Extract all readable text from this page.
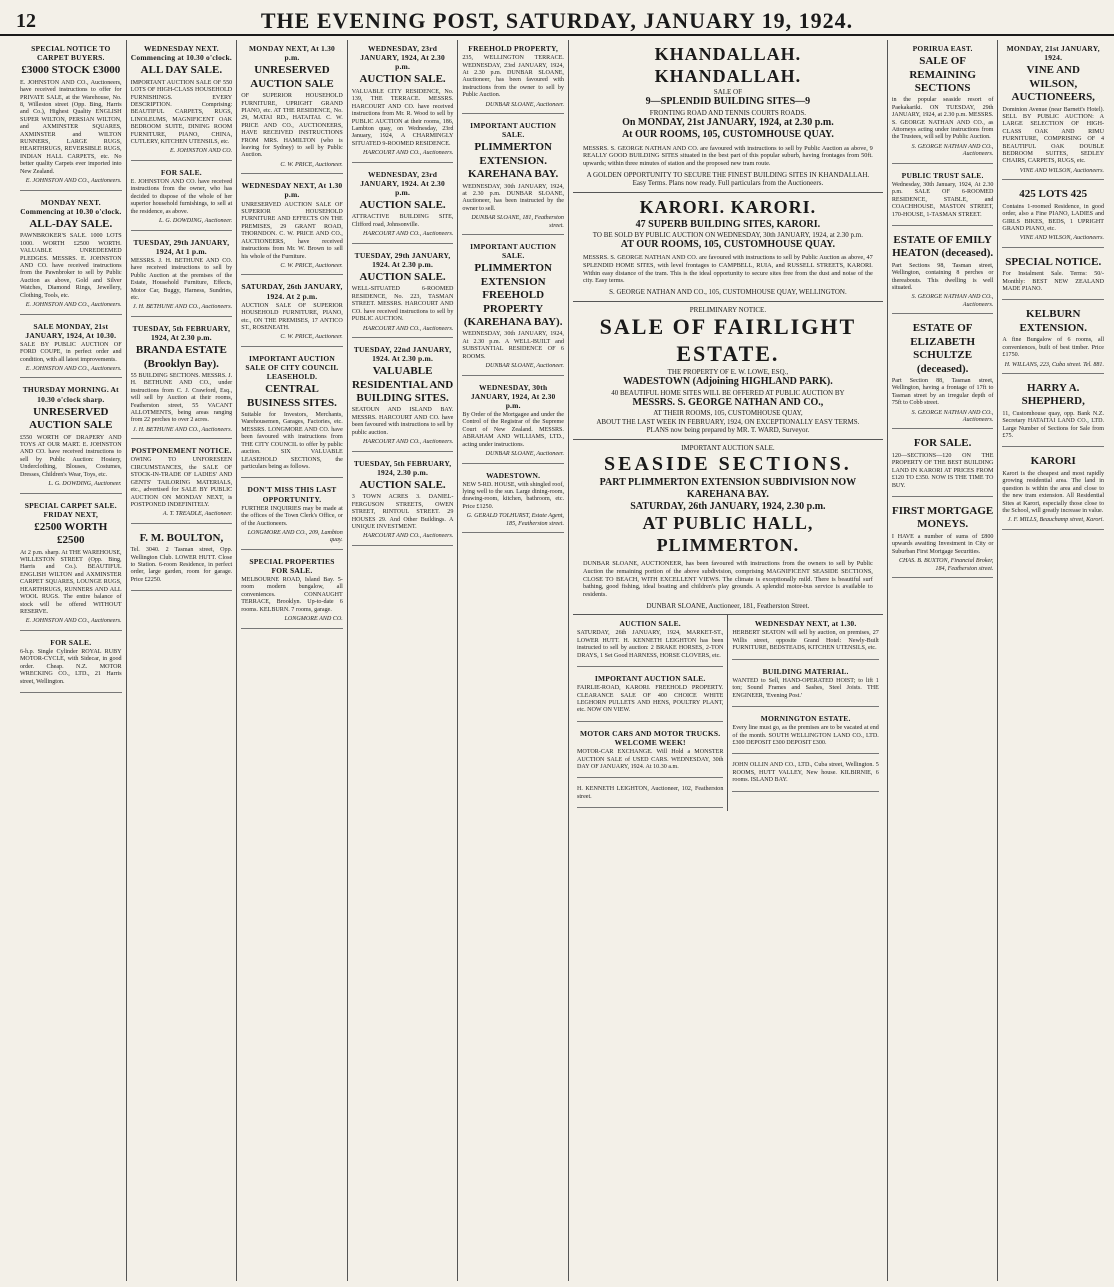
12	THE EVENING POST, SATURDAY, JANUARY 19, 1924.
SPECIAL NOTICE TO CARPET BUYERS.
£3000 STOCK £3000

E. JOHNSTON AND CO., Auctioneers, have received instructions to offer for PRIVATE SALE, at the Warehouse, No. 8, Willeston street (Opp. Bing, Harris and Co.), Highest Quality ENGLISH SUPER WILTON, PERSIAN WILTON, and AXMINSTER SQUARES, AXMINSTER and WILTON RUNNERS, LARGE RUGS, HEARTHRUGS, REVERSIBLE RUGS, INDIAN HALL CARPETS, etc. No better quality Carpets ever imported into New Zealand.

E. JOHNSTON AND CO., Auctioneers.
MONDAY NEXT. Commencing at 10.30 o'clock.
ALL-DAY SALE.

PAWNBROKER'S SALE. 1000 LOTS 1000. WORTH £2500 WORTH. VALUABLE UNREDEEMED PLEDGES. MESSRS. E. JOHNSTON AND CO. have received instructions from the Pawnbroker to sell by Public Auction as above, Gold and Silver Watches, Diamond Rings, Jewellery, Clothing, Tools, etc.

E. JOHNSTON AND CO., Auctioneers.
SALE MONDAY, 21st JANUARY, 1924, At 10.30.

SALE BY PUBLIC AUCTION OF FORD COUPE, in perfect order and condition, with all latest improvements.

E. JOHNSTON AND CO., Auctioneers.
THURSDAY MORNING. At 10.30 o'clock sharp.
UNRESERVED AUCTION SALE

£550 WORTH OF DRAPERY AND TOYS AT OUR MART. E. JOHNSTON AND CO. have received instructions to sell by Public Auction: Hosiery, Underclothing, Blouses, Costumes, Dresses, Children's Wear, Toys, etc.

L. G. DOWDING, Auctioneer.
SPECIAL CARPET SALE. FRIDAY NEXT,
£2500 WORTH £2500

At 2 p.m. sharp. At THE WAREHOUSE, WILLESTON STREET (Opp. Bing, Harris and Co.). BEAUTIFUL ENGLISH WILTON and AXMINSTER CARPET SQUARES, LOUNGE RUGS, HEARTHRUGS, RUNNERS AND ALL WOOL RUGS. The entire balance of stock will be offered WITHOUT RESERVE.

E. JOHNSTON AND CO., Auctioneers.
FOR SALE.

6-h.p. Single Cylinder ROYAL RUBY MOTOR-CYCLE, with Sidecar, in good order. Cheap. N.Z. MOTOR WRECKING CO., LTD., 21 Harris street, Wellington.

WEDNESDAY NEXT. Commencing at 10.30 o'clock.
ALL DAY SALE.

IMPORTANT AUCTION SALE OF 550 LOTS OF HIGH-CLASS HOUSEHOLD FURNISHINGS. EVERY DESCRIPTION. Comprising: BEAUTIFUL CARPETS, RUGS, LINOLEUMS, MAGNIFICENT OAK BEDROOM SUITE, DINING ROOM FURNITURE, PIANO, CHINA, CUTLERY, KITCHEN UTENSILS, etc.

E. JOHNSTON AND CO.
FOR SALE.

E. JOHNSTON AND CO. have received instructions from the owner, who has decided to dispose of the whole of her superior household furnishings, to sell at the residence, as above.

L. G. DOWDING, Auctioneer.
TUESDAY, 29th JANUARY, 1924, At 1 p.m.

MESSRS. J. H. BETHUNE AND CO. have received instructions to sell by Public Auction at the premises of the Estate, Household Furniture, Effects, Motor Car, Buggy, Harness, Sundries, etc.

J. H. BETHUNE AND CO., Auctioneers.
TUESDAY, 5th FEBRUARY, 1924, At 2.30 p.m.
BRANDA ESTATE (Brooklyn Bay).

55 BUILDING SECTIONS. MESSRS. J. H. BETHUNE AND CO., under instructions from C. J. Crawford, Esq., will sell by Auction at their rooms, Featherston street, 55 VACANT ALLOTMENTS, being areas ranging from 22 perches to over 2 acres.

J. H. BETHUNE AND CO., Auctioneers.
POSTPONEMENT NOTICE.

OWING TO UNFORESEEN CIRCUMSTANCES, the SALE OF STOCK-IN-TRADE OF LADIES' AND GENTS' TAILORING MATERIALS, etc., advertised for SALE BY PUBLIC AUCTION ON MONDAY NEXT, is POSTPONED INDEFINITELY.

A. T. TREADLE, Auctioneer.
F. M. BOULTON,

Tel. 3040. 2 Tasman street, Opp. Wellington Club. LOWER HUTT. Close to Station. 6-room Residence, in perfect order, large garden, room for garage. Price £2250.

MONDAY NEXT, At 1.30 p.m.
UNRESERVED AUCTION SALE

OF SUPERIOR HOUSEHOLD FURNITURE, UPRIGHT GRAND PIANO, etc. AT THE RESIDENCE, No. 29, MATAI RD., HATAITAI. C. W. PRICE AND CO., AUCTIONEERS, HAVE RECEIVED INSTRUCTIONS FROM MRS. HAMILTON (who is leaving for Sydney) to sell by Public Auction.

C. W. PRICE, Auctioneer.
WEDNESDAY NEXT, At 1.30 p.m.

UNRESERVED AUCTION SALE OF SUPERIOR HOUSEHOLD FURNITURE AND EFFECTS ON THE PREMISES, 29 GRANT ROAD, THORNDON. C. W. PRICE AND CO., AUCTIONEERS, have received instructions from Mr. W. Brown to sell his whole of the Furniture.

C. W. PRICE, Auctioneer.
SATURDAY, 26th JANUARY, 1924. At 2 p.m.

AUCTION SALE OF SUPERIOR HOUSEHOLD FURNITURE, PIANO, etc., ON THE PREMISES, 17 ANTICO ST., ROSENEATH.

C. W. PRICE, Auctioneer.
IMPORTANT AUCTION SALE OF CITY COUNCIL LEASEHOLD.
CENTRAL BUSINESS SITES.

Suitable for Investors, Merchants, Warehousemen, Garages, Factories, etc. MESSRS. LONGMORE AND CO. have been favoured with instructions from THE CITY COUNCIL to offer by public auction. SIX VALUABLE LEASEHOLD SECTIONS, the particulars being as follows.

DON'T MISS THIS LAST OPPORTUNITY.

FURTHER INQUIRIES may be made at the offices of the Town Clerk's Office, or of the Auctioneers.

LONGMORE AND CO., 209, Lambton quay.
SPECIAL PROPERTIES FOR SALE.

MELBOURNE ROAD, Island Bay. 5-room modern bungalow, all conveniences. CONNAUGHT TERRACE, Brooklyn. Up-to-date 6 rooms. KELBURN. 7 rooms, garage.

LONGMORE AND CO.
WEDNESDAY, 23rd JANUARY, 1924, At 2.30 p.m.
AUCTION SALE.

VALUABLE CITY RESIDENCE, No. 139, THE TERRACE. MESSRS. HARCOURT AND CO. have received instructions from Mr. R. Wood to sell by PUBLIC AUCTION at their rooms, 186, Lambton quay, on Wednesday, 23rd January, 1924, A CHARMINGLY SITUATED 9-ROOMED RESIDENCE.

HARCOURT AND CO., Auctioneers.
WEDNESDAY, 23rd JANUARY, 1924. At 2.30 p.m.
AUCTION SALE.

ATTRACTIVE BUILDING SITE, Clifford road, Johnsonville.

HARCOURT AND CO., Auctioneers.
TUESDAY, 29th JANUARY, 1924. At 2.30 p.m.
AUCTION SALE.

WELL-SITUATED 6-ROOMED RESIDENCE, No. 223, TASMAN STREET. MESSRS. HARCOURT AND CO. have received instructions to sell by PUBLIC AUCTION.

HARCOURT AND CO., Auctioneers.
TUESDAY, 22nd JANUARY, 1924. At 2.30 p.m.
VALUABLE RESIDENTIAL AND BUILDING SITES.

SEATOUN AND ISLAND BAY. MESSRS. HARCOURT AND CO. have been favoured with instructions to sell by public auction.

HARCOURT AND CO., Auctioneers.
TUESDAY, 5th FEBRUARY, 1924, 2.30 p.m.
AUCTION SALE.

3 TOWN ACRES 3. DANIEL-FERGUSON STREETS, OWEN STREET, RINTOUL STREET. 29 HOUSES 29. And Other Buildings. A UNIQUE INVESTMENT.

HARCOURT AND CO., Auctioneers.
FREEHOLD PROPERTY,

235, WELLINGTON TERRACE. WEDNESDAY, 23rd JANUARY, 1924, At 2.30 p.m. DUNBAR SLOANE, Auctioneer, has been favoured with instructions from the owner to sell by Public Auction.

DUNBAR SLOANE, Auctioneer.
IMPORTANT AUCTION SALE.
PLIMMERTON EXTENSION. KAREHANA BAY.

WEDNESDAY, 30th JANUARY, 1924, at 2.30 p.m. DUNBAR SLOANE, Auctioneer, has been instructed by the owner to sell.

DUNBAR SLOANE, 181, Featherston street.
IMPORTANT AUCTION SALE.
PLIMMERTON EXTENSION FREEHOLD PROPERTY (KAREHANA BAY).

WEDNESDAY, 30th JANUARY, 1924, At 2.30 p.m. A WELL-BUILT and SUBSTANTIAL RESIDENCE OF 6 ROOMS.

DUNBAR SLOANE, Auctioneer.
WEDNESDAY, 30th JANUARY, 1924, At 2.30 p.m.

By Order of the Mortgagee and under the Control of the Registrar of the Supreme Court of New Zealand. MESSRS. ABRAHAM AND WILLIAMS, LTD., acting under instructions.

DUNBAR SLOANE, Auctioneer.
WADESTOWN.

NEW 5-RD. HOUSE, with shingled roof, lying well to the sun. Large dining-room, drawing-room, kitchen, bathroom, etc. Price £1250.

G. GERALD TOLHURST, Estate Agent, 185, Featherston street.
KHANDALLAH. KHANDALLAH.
SALE OF
9—SPLENDID BUILDING SITES—9
FRONTING ROAD AND TENNIS COURTS ROADS.
On MONDAY, 21st JANUARY, 1924, at 2.30 p.m.
At OUR ROOMS, 105, CUSTOMHOUSE QUAY.
MESSRS. S. GEORGE NATHAN AND CO. are favoured with instructions to sell by Public Auction as above, 9 REALLY GOOD BUILDING SITES situated in the best part of this popular suburb, having frontages from 50ft. upwards; within three minutes of station and the proposed new tram route.
A GOLDEN OPPORTUNITY TO SECURE THE FINEST BUILDING SITES IN KHANDALLAH.
Easy Terms. Plans now ready. Full particulars from the Auctioneers.
KARORI. KARORI.
47 SUPERB BUILDING SITES, KARORI.
TO BE SOLD BY PUBLIC AUCTION ON WEDNESDAY, 30th JANUARY, 1924, at 2.30 p.m.
AT OUR ROOMS, 105, CUSTOMHOUSE QUAY.
MESSRS. S. GEORGE NATHAN AND CO. are favoured with instructions to sell by Public Auction as above, 47 SPLENDID HOME SITES, with level frontages to CAMPBELL, RUIA, and RUSSELL STREETS, KARORI. Within easy distance of the tram. This is the ideal opportunity to secure sites free from the dust and noise of the city. Easy terms.
S. GEORGE NATHAN AND CO., 105, CUSTOMHOUSE QUAY, WELLINGTON.
PRELIMINARY NOTICE.
SALE OF FAIRLIGHT ESTATE.
THE PROPERTY OF E. W. LOWE, ESQ.,
WADESTOWN (Adjoining HIGHLAND PARK).
40 BEAUTIFUL HOME SITES WILL BE OFFERED AT PUBLIC AUCTION BY
MESSRS. S. GEORGE NATHAN AND CO.,
AT THEIR ROOMS, 105, CUSTOMHOUSE QUAY,
ABOUT THE LAST WEEK IN FEBRUARY, 1924, ON EXCEPTIONALLY EASY TERMS.
PLANS now being prepared by MR. T. WARD, Surveyor.
IMPORTANT AUCTION SALE.
SEASIDE SECTIONS.
PART PLIMMERTON EXTENSION SUBDIVISION NOW KAREHANA BAY.
SATURDAY, 26th JANUARY, 1924, 2.30 p.m.
AT PUBLIC HALL, PLIMMERTON.
DUNBAR SLOANE, AUCTIONEER, has been favoured with instructions from the owners to sell by Public Auction the remaining portion of the above subdivision, comprising MAGNIFICENT SEASIDE SECTIONS, CLOSE TO BEACH, WITH EXCELLENT VIEWS. The climate is exceptionally mild. There is beautiful surf bathing, good fishing, ideal boating and children's play grounds. A splendid motor-bus service is available to residents.
DUNBAR SLOANE, Auctioneer, 181, Featherston Street.
AUCTION SALE.

SATURDAY, 26th JANUARY, 1924, MARKET-ST., LOWER HUTT. H. KENNETH LEIGHTON has been instructed to sell by auction: 2 BRAKE HORSES, 2-TON DRAYS, 1 Set Good HARNESS, HORSE CLOVERS, etc.

IMPORTANT AUCTION SALE.

FAIRLIE-ROAD, KARORI. FREEHOLD PROPERTY. CLEARANCE SALE OF 400 CHOICE WHITE LEGHORN PULLETS AND HENS, POULTRY PLANT, etc. NOW ON VIEW.

MOTOR CARS AND MOTOR TRUCKS. WELCOME WEEK!

MOTOR-CAR EXCHANGE. Will Hold a MONSTER AUCTION SALE of USED CARS. WEDNESDAY, 30th DAY OF JANUARY, 1924. At 10.30 a.m.

H. KENNETH LEIGHTON, Auctioneer, 102, Featherston street.

WEDNESDAY NEXT, at 1.30.

HERBERT SEATON will sell by auction, on premises, 27 Willis street, opposite Grand Hotel: Newly-Built FURNITURE, BEDSTEADS, KITCHEN UTENSILS, etc.

BUILDING MATERIAL.

WANTED to Sell, HAND-OPERATED HOIST; to lift 1 ton; Sound Frames and Sashes, Steel Joists. THE ENGINEER, 'Evening Post.'

MORNINGTON ESTATE.

Every line must go, as the premises are to be vacated at end of the month. SOUTH WELLINGTON LAND CO., LTD. £300 DEPOSIT £300 DEPOSIT £300.

JOHN OLLIN AND CO., LTD., Cuba street, Wellington. 5 ROOMS, HUTT VALLEY, New house. KILBIRNIE, 6 rooms. ISLAND BAY.

PORIRUA EAST.
SALE OF REMAINING SECTIONS

in the popular seaside resort of Paekakariki. ON TUESDAY, 29th JANUARY, 1924, at 2.30 p.m. MESSRS. S. GEORGE NATHAN AND CO., as Attorneys acting under instructions from the Trustees, will sell by Public Auction.

S. GEORGE NATHAN AND CO., Auctioneers.
PUBLIC TRUST SALE.

Wednesday, 30th January, 1924, At 2.30 p.m. SALE OF 6-ROOMED RESIDENCE, STABLE, and COACHHOUSE, MASTON STREET, 170-HOUSE, 1-TASMAN STREET.

ESTATE OF EMILY HEATON (deceased).

Part Sections 98, Tasman street, Wellington, containing 8 perches or thereabouts. This dwelling is well situated.

S. GEORGE NATHAN AND CO., Auctioneers.
ESTATE OF ELIZABETH SCHULTZE (deceased).

Part Section 88, Tasman street, Wellington, having a frontage of 17ft to Tasman street by an irregular depth of 75ft to Cobb street.

S. GEORGE NATHAN AND CO., Auctioneers.
FOR SALE.

120—SECTIONS—120 ON THE PROPERTY OF THE BEST BUILDING LAND IN KARORI AT PRICES FROM £120 TO £350. NOW IS THE TIME TO BUY.

FIRST MORTGAGE MONEYS.

I HAVE a number of sums of £800 upwards awaiting Investment in City or Suburban First Mortgage Securities.

CHAS. B. BUXTON, Financial Broker, 184, Featherston street.
MONDAY, 21st JANUARY, 1924.
VINE AND WILSON, AUCTIONEERS,

Dominion Avenue (near Barnett's Hotel). SELL BY PUBLIC AUCTION: A LARGE SELECTION OF HIGH-CLASS OAK AND RIMU FURNITURE, COMPRISING OF 4 BEAUTIFUL OAK DOUBLE BEDROOM SUITES, SEDLEY CHAIRS, CARPETS, RUGS, etc.

VINE AND WILSON, Auctioneers.
425 LOTS 425

Contains 1-roomed Residence, in good order, also a Fine PIANO, LADIES and GIRLS BIKES, BEDS, 1 UPRIGHT GRAND PIANO, etc.

VINE AND WILSON, Auctioneers.
SPECIAL NOTICE.

For Instalment Sale. Terms: 50/- Monthly: BEST NEW ZEALAND MADE PIANO.

KELBURN EXTENSION.

A fine Bungalow of 6 rooms, all conveniences, built of best timber. Price £1750.

H. WILLANS, 223, Cuba street. Tel. 881.
HARRY A. SHEPHERD,

11, Customhouse quay, opp. Bank N.Z. Secretary HATAITAI LAND CO., LTD. Large Number of Sections for Sale from £75.

KARORI

Karori is the cheapest and most rapidly growing residential area. The land in question is within the area and close to the new tram extension. All Residential Sites at Karori, especially those close to the School, will greatly increase in value.

J. F. MILLS, Beauchamp street, Karori.
